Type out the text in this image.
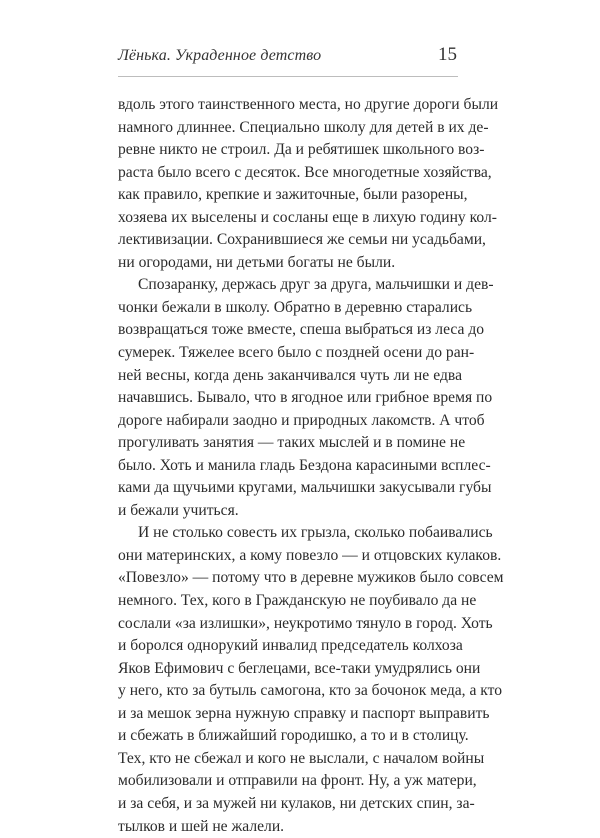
Лёнька. Украденное детство	15
вдоль этого таинственного места, но другие дороги были
намного длиннее. Специально школу для детей в их де-
ревне никто не строил. Да и ребятишек школьного воз-
раста было всего с десяток. Все многодетные хозяйства,
как правило, крепкие и зажиточные, были разорены,
хозяева их выселены и сосланы еще в лихую годину кол-
лективизации. Сохранившиеся же семьи ни усадьбами,
ни огородами, ни детьми богаты не были.
Спозаранку, держась друг за друга, мальчишки и дев-
чонки бежали в школу. Обратно в деревню старались
возвращаться тоже вместе, спеша выбраться из леса до
сумерек. Тяжелее всего было с поздней осени до ран-
ней весны, когда день заканчивался чуть ли не едва
начавшись. Бывало, что в ягодное или грибное время по
дороге набирали заодно и природных лакомств. А чтоб
прогуливать занятия — таких мыслей и в помине не
было. Хоть и манила гладь Бездона карасиными всплес-
ками да щучьими кругами, мальчишки закусывали губы
и бежали учиться.
И не столько совесть их грызла, сколько побаивались
они материнских, а кому повезло — и отцовских кулаков.
«Повезло» — потому что в деревне мужиков было совсем
немного. Тех, кого в Гражданскую не поубивало да не
сослали «за излишки», неукротимо тянуло в город. Хоть
и боролся однорукий инвалид председатель колхоза
Яков Ефимович с беглецами, все-таки умудрялись они
у него, кто за бутыль самогона, кто за бочонок меда, а кто
и за мешок зерна нужную справку и паспорт выправить
и сбежать в ближайший городишко, а то и в столицу.
Тех, кто не сбежал и кого не выслали, с началом войны
мобилизовали и отправили на фронт. Ну, а уж матери,
и за себя, и за мужей ни кулаков, ни детских спин, за-
тылков и шей не жалели.
